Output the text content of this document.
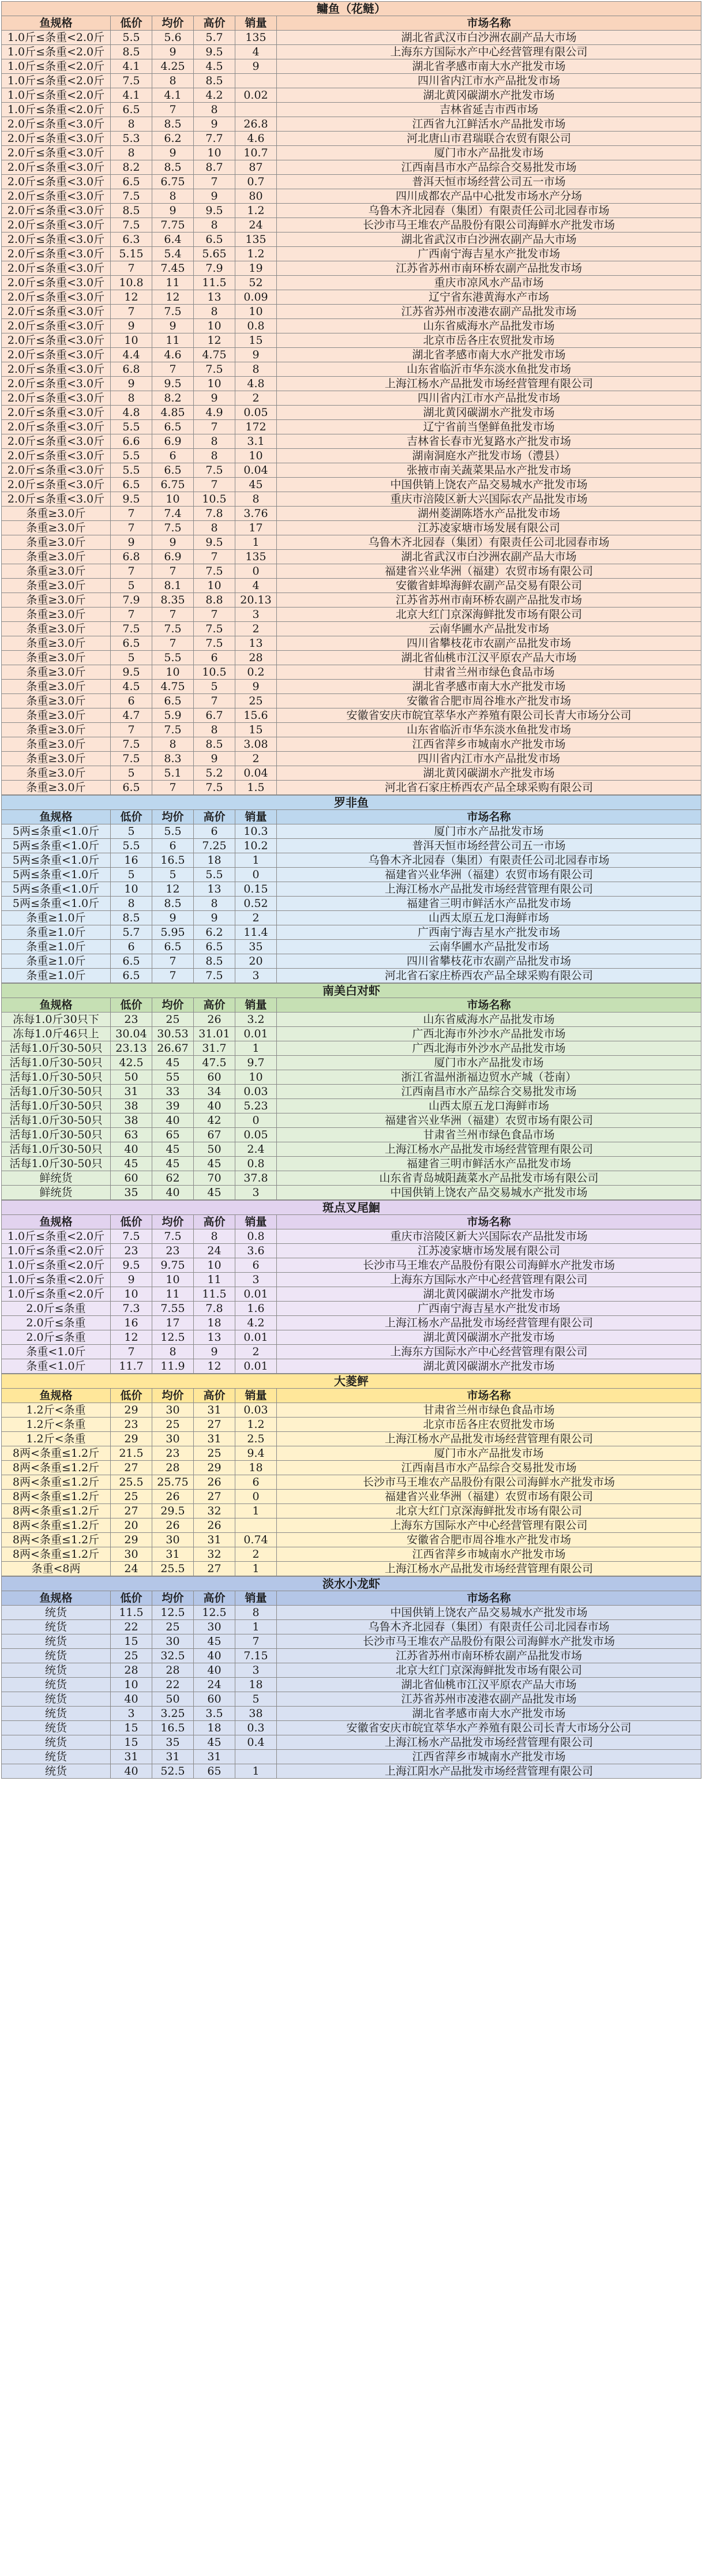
鳙鱼（花鲢）					
鱼规格	低价	均价	高价	销量	市场名称
1.0斤≤条重<2.0斤	5.5	5.6	5.7	135	湖北省武汉市白沙洲农副产品大市场
1.0斤≤条重<2.0斤	8.5	9	9.5	4	上海东方国际水产中心经营管理有限公司
1.0斤≤条重<2.0斤	4.1	4.25	4.5	9	湖北省孝感市南大水产批发市场
1.0斤≤条重<2.0斤	7.5	8	8.5		四川省内江市水产品批发市场
1.0斤≤条重<2.0斤	4.1	4.1	4.2	0.02	湖北黄冈碳湖水产批发市场
1.0斤≤条重<2.0斤	6.5	7	8		吉林省延吉市西市场
2.0斤≤条重<3.0斤	8	8.5	9	26.8	江西省九江鲜活水产品批发市场
2.0斤≤条重<3.0斤	5.3	6.2	7.7	4.6	河北唐山市君瑞联合农贸有限公司
2.0斤≤条重<3.0斤	8	9	10	10.7	厦门市水产品批发市场
2.0斤≤条重<3.0斤	8.2	8.5	8.7	87	江西南昌市水产品综合交易批发市场
2.0斤≤条重<3.0斤	6.5	6.75	7	0.7	普洱天恒市场经营公司五一市场
2.0斤≤条重<3.0斤	7.5	8	9	80	四川成都农产品中心批发市场水产分场
2.0斤≤条重<3.0斤	8.5	9	9.5	1.2	乌鲁木齐北园春（集团）有限责任公司北园春市场
2.0斤≤条重<3.0斤	7.5	7.75	8	24	长沙市马王堆农产品股份有限公司海鲜水产批发市场
2.0斤≤条重<3.0斤	6.3	6.4	6.5	135	湖北省武汉市白沙洲农副产品大市场
2.0斤≤条重<3.0斤	5.15	5.4	5.65	1.2	广西南宁海吉星水产批发市场
2.0斤≤条重<3.0斤	7	7.45	7.9	19	江苏省苏州市南环桥农副产品批发市场
2.0斤≤条重<3.0斤	10.8	11	11.5	52	重庆市凉风水产品市场
2.0斤≤条重<3.0斤	12	12	13	0.09	辽宁省东港黄海水产市场
2.0斤≤条重<3.0斤	7	7.5	8	10	江苏省苏州市凌港农副产品批发市场
2.0斤≤条重<3.0斤	9	9	10	0.8	山东省威海水产品批发市场
2.0斤≤条重<3.0斤	10	11	12	15	北京市岳各庄农贸批发市场
2.0斤≤条重<3.0斤	4.4	4.6	4.75	9	湖北省孝感市南大水产批发市场
2.0斤≤条重<3.0斤	6.8	7	7.5	8	山东省临沂市华东淡水鱼批发市场
2.0斤≤条重<3.0斤	9	9.5	10	4.8	上海江杨水产品批发市场经营管理有限公司
2.0斤≤条重<3.0斤	8	8.2	9	2	四川省内江市水产品批发市场
2.0斤≤条重<3.0斤	4.8	4.85	4.9	0.05	湖北黄冈碳湖水产批发市场
2.0斤≤条重<3.0斤	5.5	6.5	7	172	辽宁省前当堡鲜鱼批发市场
2.0斤≤条重<3.0斤	6.6	6.9	8	3.1	吉林省长春市光复路水产批发市场
2.0斤≤条重<3.0斤	5.5	6	8	10	湖南洞庭水产批发市场（澧县）
2.0斤≤条重<3.0斤	5.5	6.5	7.5	0.04	张掖市南关蔬菜果品水产批发市场
2.0斤≤条重<3.0斤	6.5	6.75	7	45	中国供销上饶农产品交易城水产批发市场
2.0斤≤条重<3.0斤	9.5	10	10.5	8	重庆市涪陵区新大兴国际农产品批发市场
条重≥3.0斤	7	7.4	7.8	3.76	湖州菱湖陈塔水产品批发市场
条重≥3.0斤	7	7.5	8	17	江苏凌家塘市场发展有限公司
条重≥3.0斤	9	9	9.5	1	乌鲁木齐北园春（集团）有限责任公司北园春市场
条重≥3.0斤	6.8	6.9	7	135	湖北省武汉市白沙洲农副产品大市场
条重≥3.0斤	7	7	7.5	0	福建省兴业华洲（福建）农贸市场有限公司
条重≥3.0斤	5	8.1	10	4	安徽省蚌埠海鲜农副产品交易有限公司
条重≥3.0斤	7.9	8.35	8.8	20.13	江苏省苏州市南环桥农副产品批发市场
条重≥3.0斤	7	7	7	3	北京大红门京深海鲜批发市场有限公司
条重≥3.0斤	7.5	7.5	7.5	2	云南华圃水产品批发市场
条重≥3.0斤	6.5	7	7.5	13	四川省攀枝花市农副产品批发市场
条重≥3.0斤	5	5.5	6	28	湖北省仙桃市江汉平原农产品大市场
条重≥3.0斤	9.5	10	10.5	0.2	甘肃省兰州市绿色食品市场
条重≥3.0斤	4.5	4.75	5	9	湖北省孝感市南大水产批发市场
条重≥3.0斤	6	6.5	7	25	安徽省合肥市周谷堆水产批发市场
条重≥3.0斤	4.7	5.9	6.7	15.6	安徽省安庆市皖宜萃华水产养殖有限公司长青大市场分公司
条重≥3.0斤	7	7.5	8	15	山东省临沂市华东淡水鱼批发市场
条重≥3.0斤	7.5	8	8.5	3.08	江西省萍乡市城南水产批发市场
条重≥3.0斤	7.5	8.3	9	2	四川省内江市水产品批发市场
条重≥3.0斤	5	5.1	5.2	0.04	湖北黄冈碳湖水产批发市场
条重≥3.0斤	6.5	7	7.5	1.5	河北省石家庄桥西农产品全球采购有限公司
罗非鱼					
鱼规格	低价	均价	高价	销量	市场名称
5两≤条重<1.0斤	5	5.5	6	10.3	厦门市水产品批发市场
5两≤条重<1.0斤	5.5	6	7.25	10.2	普洱天恒市场经营公司五一市场
5两≤条重<1.0斤	16	16.5	18	1	乌鲁木齐北园春（集团）有限责任公司北园春市场
5两≤条重<1.0斤	5	5	5.5	0	福建省兴业华洲（福建）农贸市场有限公司
5两≤条重<1.0斤	10	12	13	0.15	上海江杨水产品批发市场经营管理有限公司
5两≤条重<1.0斤	8	8.5	8	0.52	福建省三明市鲜活水产品批发市场
条重≥1.0斤	8.5	9	9	2	山西太原五龙口海鲜市场
条重≥1.0斤	5.7	5.95	6.2	11.4	广西南宁海吉星水产批发市场
条重≥1.0斤	6	6.5	6.5	35	云南华圃水产品批发市场
条重≥1.0斤	6.5	7	8.5	20	四川省攀枝花市农副产品批发市场
条重≥1.0斤	6.5	7	7.5	3	河北省石家庄桥西农产品全球采购有限公司
南美白对虾					
鱼规格	低价	均价	高价	销量	市场名称
冻每1.0斤30只下	23	25	26	3.2	山东省威海水产品批发市场
冻每1.0斤46只上	30.04	30.53	31.01	0.01	广西北海市外沙水产品批发市场
活每1.0斤30-50只	23.13	26.67	31.7	1	广西北海市外沙水产品批发市场
活每1.0斤30-50只	42.5	45	47.5	9.7	厦门市水产品批发市场
活每1.0斤30-50只	50	55	60	10	浙江省温州浙福边贸水产城（苍南）
活每1.0斤30-50只	31	33	34	0.03	江西南昌市水产品综合交易批发市场
活每1.0斤30-50只	38	39	40	5.23	山西太原五龙口海鲜市场
活每1.0斤30-50只	38	40	42	0	福建省兴业华洲（福建）农贸市场有限公司
活每1.0斤30-50只	63	65	67	0.05	甘肃省兰州市绿色食品市场
活每1.0斤30-50只	40	45	50	2.4	上海江杨水产品批发市场经营管理有限公司
活每1.0斤30-50只	45	45	45	0.8	福建省三明市鲜活水产品批发市场
鲜统货	60	62	70	37.8	山东省青岛城阳蔬菜水产品批发市场有限公司
鲜统货	35	40	45	3	中国供销上饶农产品交易城水产批发市场
斑点叉尾鮰					
鱼规格	低价	均价	高价	销量	市场名称
1.0斤≤条重<2.0斤	7.5	7.5	8	0.8	重庆市涪陵区新大兴国际农产品批发市场
1.0斤≤条重<2.0斤	23	23	24	3.6	江苏凌家塘市场发展有限公司
1.0斤≤条重<2.0斤	9.5	9.75	10	6	长沙市马王堆农产品股份有限公司海鲜水产批发市场
1.0斤≤条重<2.0斤	9	10	11	3	上海东方国际水产中心经营管理有限公司
1.0斤≤条重<2.0斤	10	11	11.5	0.01	湖北黄冈碳湖水产批发市场
2.0斤≤条重	7.3	7.55	7.8	1.6	广西南宁海吉星水产批发市场
2.0斤≤条重	16	17	18	4.2	上海江杨水产品批发市场经营管理有限公司
2.0斤≤条重	12	12.5	13	0.01	湖北黄冈碳湖水产批发市场
条重<1.0斤	7	8	9	2	上海东方国际水产中心经营管理有限公司
条重<1.0斤	11.7	11.9	12	0.01	湖北黄冈碳湖水产批发市场
大菱鲆					
鱼规格	低价	均价	高价	销量	市场名称
1.2斤<条重	29	30	31	0.03	甘肃省兰州市绿色食品市场
1.2斤<条重	23	25	27	1.2	北京市岳各庄农贸批发市场
1.2斤<条重	29	30	31	2.5	上海江杨水产品批发市场经营管理有限公司
8两<条重≤1.2斤	21.5	23	25	9.4	厦门市水产品批发市场
8两<条重≤1.2斤	27	28	29	18	江西南昌市水产品综合交易批发市场
8两<条重≤1.2斤	25.5	25.75	26	6	长沙市马王堆农产品股份有限公司海鲜水产批发市场
8两<条重≤1.2斤	25	26	27	0	福建省兴业华洲（福建）农贸市场有限公司
8两<条重≤1.2斤	27	29.5	32	1	北京大红门京深海鲜批发市场有限公司
8两<条重≤1.2斤	20	26	26		上海东方国际水产中心经营管理有限公司
8两<条重≤1.2斤	29	30	31	0.74	安徽省合肥市周谷堆水产批发市场
8两<条重≤1.2斤	30	31	32	2	江西省萍乡市城南水产批发市场
条重<8两	24	25.5	27	1	上海江杨水产品批发市场经营管理有限公司
淡水小龙虾					
鱼规格	低价	均价	高价	销量	市场名称
统货	11.5	12.5	12.5	8	中国供销上饶农产品交易城水产批发市场
统货	22	25	30	1	乌鲁木齐北园春（集团）有限责任公司北园春市场
统货	15	30	45	7	长沙市马王堆农产品股份有限公司海鲜水产批发市场
统货	25	32.5	40	7.15	江苏省苏州市南环桥农副产品批发市场
统货	28	28	40	3	北京大红门京深海鲜批发市场有限公司
统货	10	22	24	18	湖北省仙桃市江汉平原农产品大市场
统货	40	50	60	5	江苏省苏州市凌港农副产品批发市场
统货	3	3.25	3.5	38	湖北省孝感市南大水产批发市场
统货	15	16.5	18	0.3	安徽省安庆市皖宜萃华水产养殖有限公司长青大市场分公司
统货	15	35	45	0.4	上海江杨水产品批发市场经营管理有限公司
统货	31	31	31		江西省萍乡市城南水产批发市场
统货	40	52.5	65	1	上海江阳水产品批发市场经营管理有限公司
